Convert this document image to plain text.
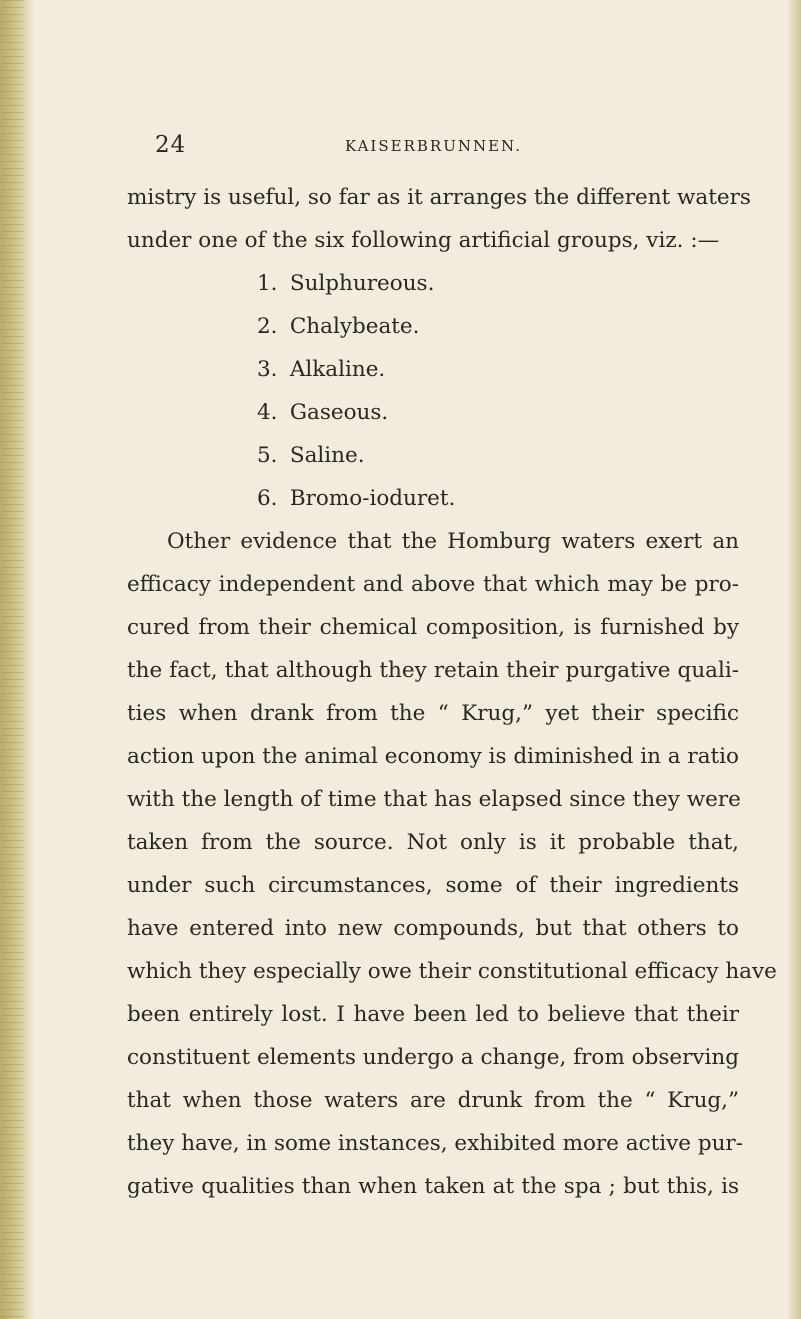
24	KAISERBRUNNEN.
mistry is useful, so far as it arranges the different waters
under one of the six following artificial groups, viz. :—
1. Sulphureous.
2. Chalybeate.
3. Alkaline.
4. Gaseous.
5. Saline.
6. Bromo-ioduret.
Other evidence that the Homburg waters exert an
efficacy independent and above that which may be pro-
cured from their chemical composition, is furnished by
the fact, that although they retain their purgative quali-
ties when drank from the “ Krug,” yet their specific
action upon the animal economy is diminished in a ratio
with the length of time that has elapsed since they were
taken from the source. Not only is it probable that,
under such circumstances, some of their ingredients
have entered into new compounds, but that others to
which they especially owe their constitutional efficacy have
been entirely lost. I have been led to believe that their
constituent elements undergo a change, from observing
that when those waters are drunk from the “ Krug,”
they have, in some instances, exhibited more active pur-
gative qualities than when taken at the spa ; but this, is
